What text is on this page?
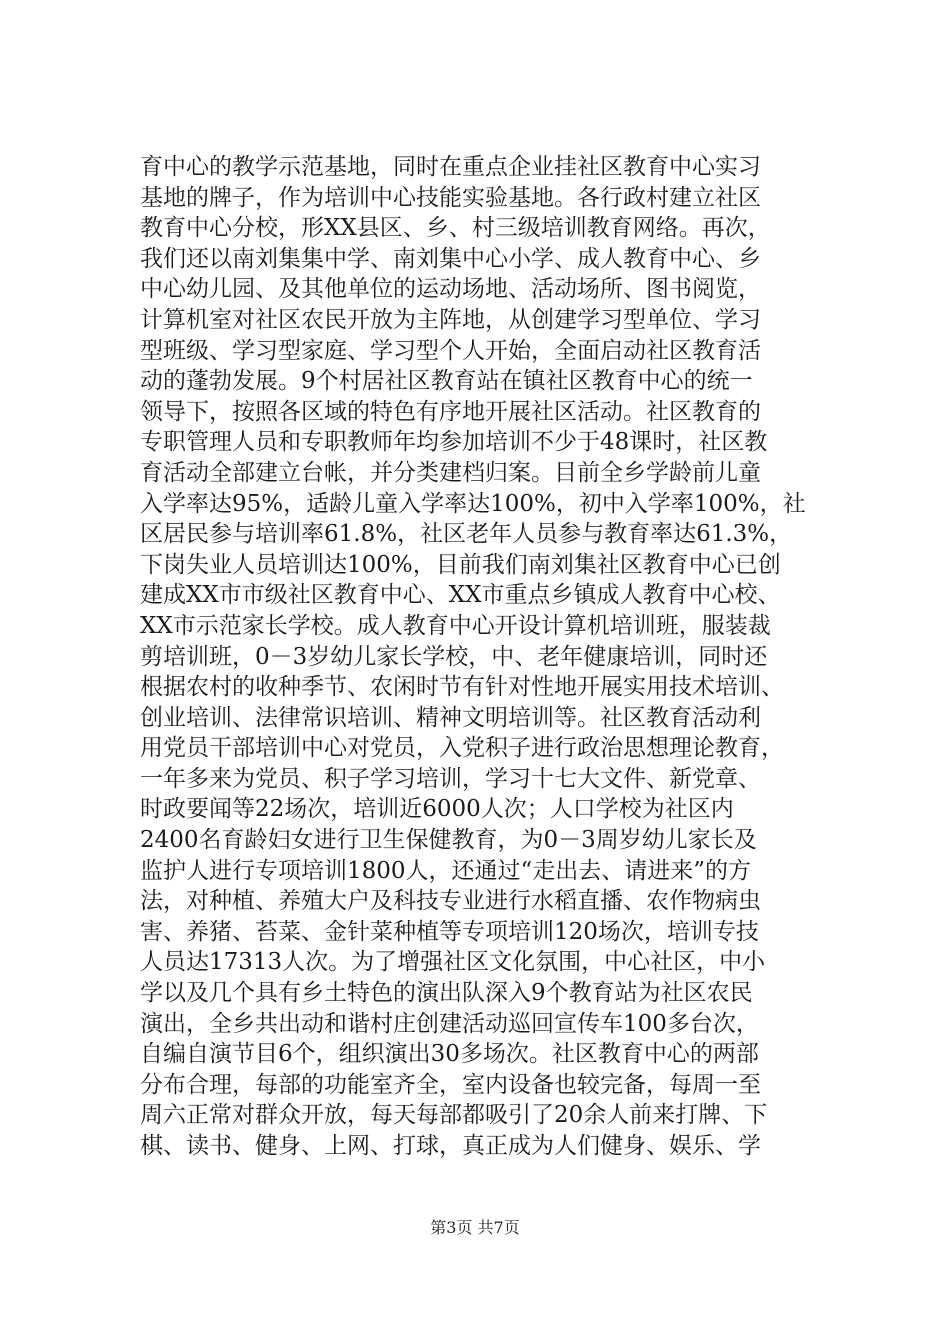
育中心的教学示范基地，同时在重点企业挂社区教育中心实习
基地的牌子，作为培训中心技能实验基地。各行政村建立社区
教育中心分校，形XX县区、乡、村三级培训教育网络。再次，
我们还以南刘集集中学、南刘集中心小学、成人教育中心、乡
中心幼儿园、及其他单位的运动场地、活动场所、图书阅览，
计算机室对社区农民开放为主阵地，从创建学习型单位、学习
型班级、学习型家庭、学习型个人开始，全面启动社区教育活
动的蓬勃发展。9个村居社区教育站在镇社区教育中心的统一
领导下，按照各区域的特色有序地开展社区活动。社区教育的
专职管理人员和专职教师年均参加培训不少于48课时，社区教
育活动全部建立台帐，并分类建档归案。目前全乡学龄前儿童
入学率达95%，适龄儿童入学率达100%，初中入学率100%，社
区居民参与培训率61.8%，社区老年人员参与教育率达61.3%，
下岗失业人员培训达100%，目前我们南刘集社区教育中心已创
建成XX市市级社区教育中心、XX市重点乡镇成人教育中心校、
XX市示范家长学校。成人教育中心开设计算机培训班，服装裁
剪培训班，0－3岁幼儿家长学校，中、老年健康培训，同时还
根据农村的收种季节、农闲时节有针对性地开展实用技术培训、
创业培训、法律常识培训、精神文明培训等。社区教育活动利
用党员干部培训中心对党员，入党积子进行政治思想理论教育，
一年多来为党员、积子学习培训，学习十七大文件、新党章、
时政要闻等22场次，培训近6000人次；人口学校为社区内
2400名育龄妇女进行卫生保健教育，为0－3周岁幼儿家长及
监护人进行专项培训1800人，还通过“走出去、请进来”的方
法，对种植、养殖大户及科技专业进行水稻直播、农作物病虫
害、养猪、苔菜、金针菜种植等专项培训120场次，培训专技
人员达17313人次。为了增强社区文化氛围，中心社区，中小
学以及几个具有乡土特色的演出队深入9个教育站为社区农民
演出，全乡共出动和谐村庄创建活动巡回宣传车100多台次，
自编自演节目6个，组织演出30多场次。社区教育中心的两部
分布合理，每部的功能室齐全，室内设备也较完备，每周一至
周六正常对群众开放，每天每部都吸引了20余人前来打牌、下
棋、读书、健身、上网、打球，真正成为人们健身、娱乐、学
第3页 共7页
